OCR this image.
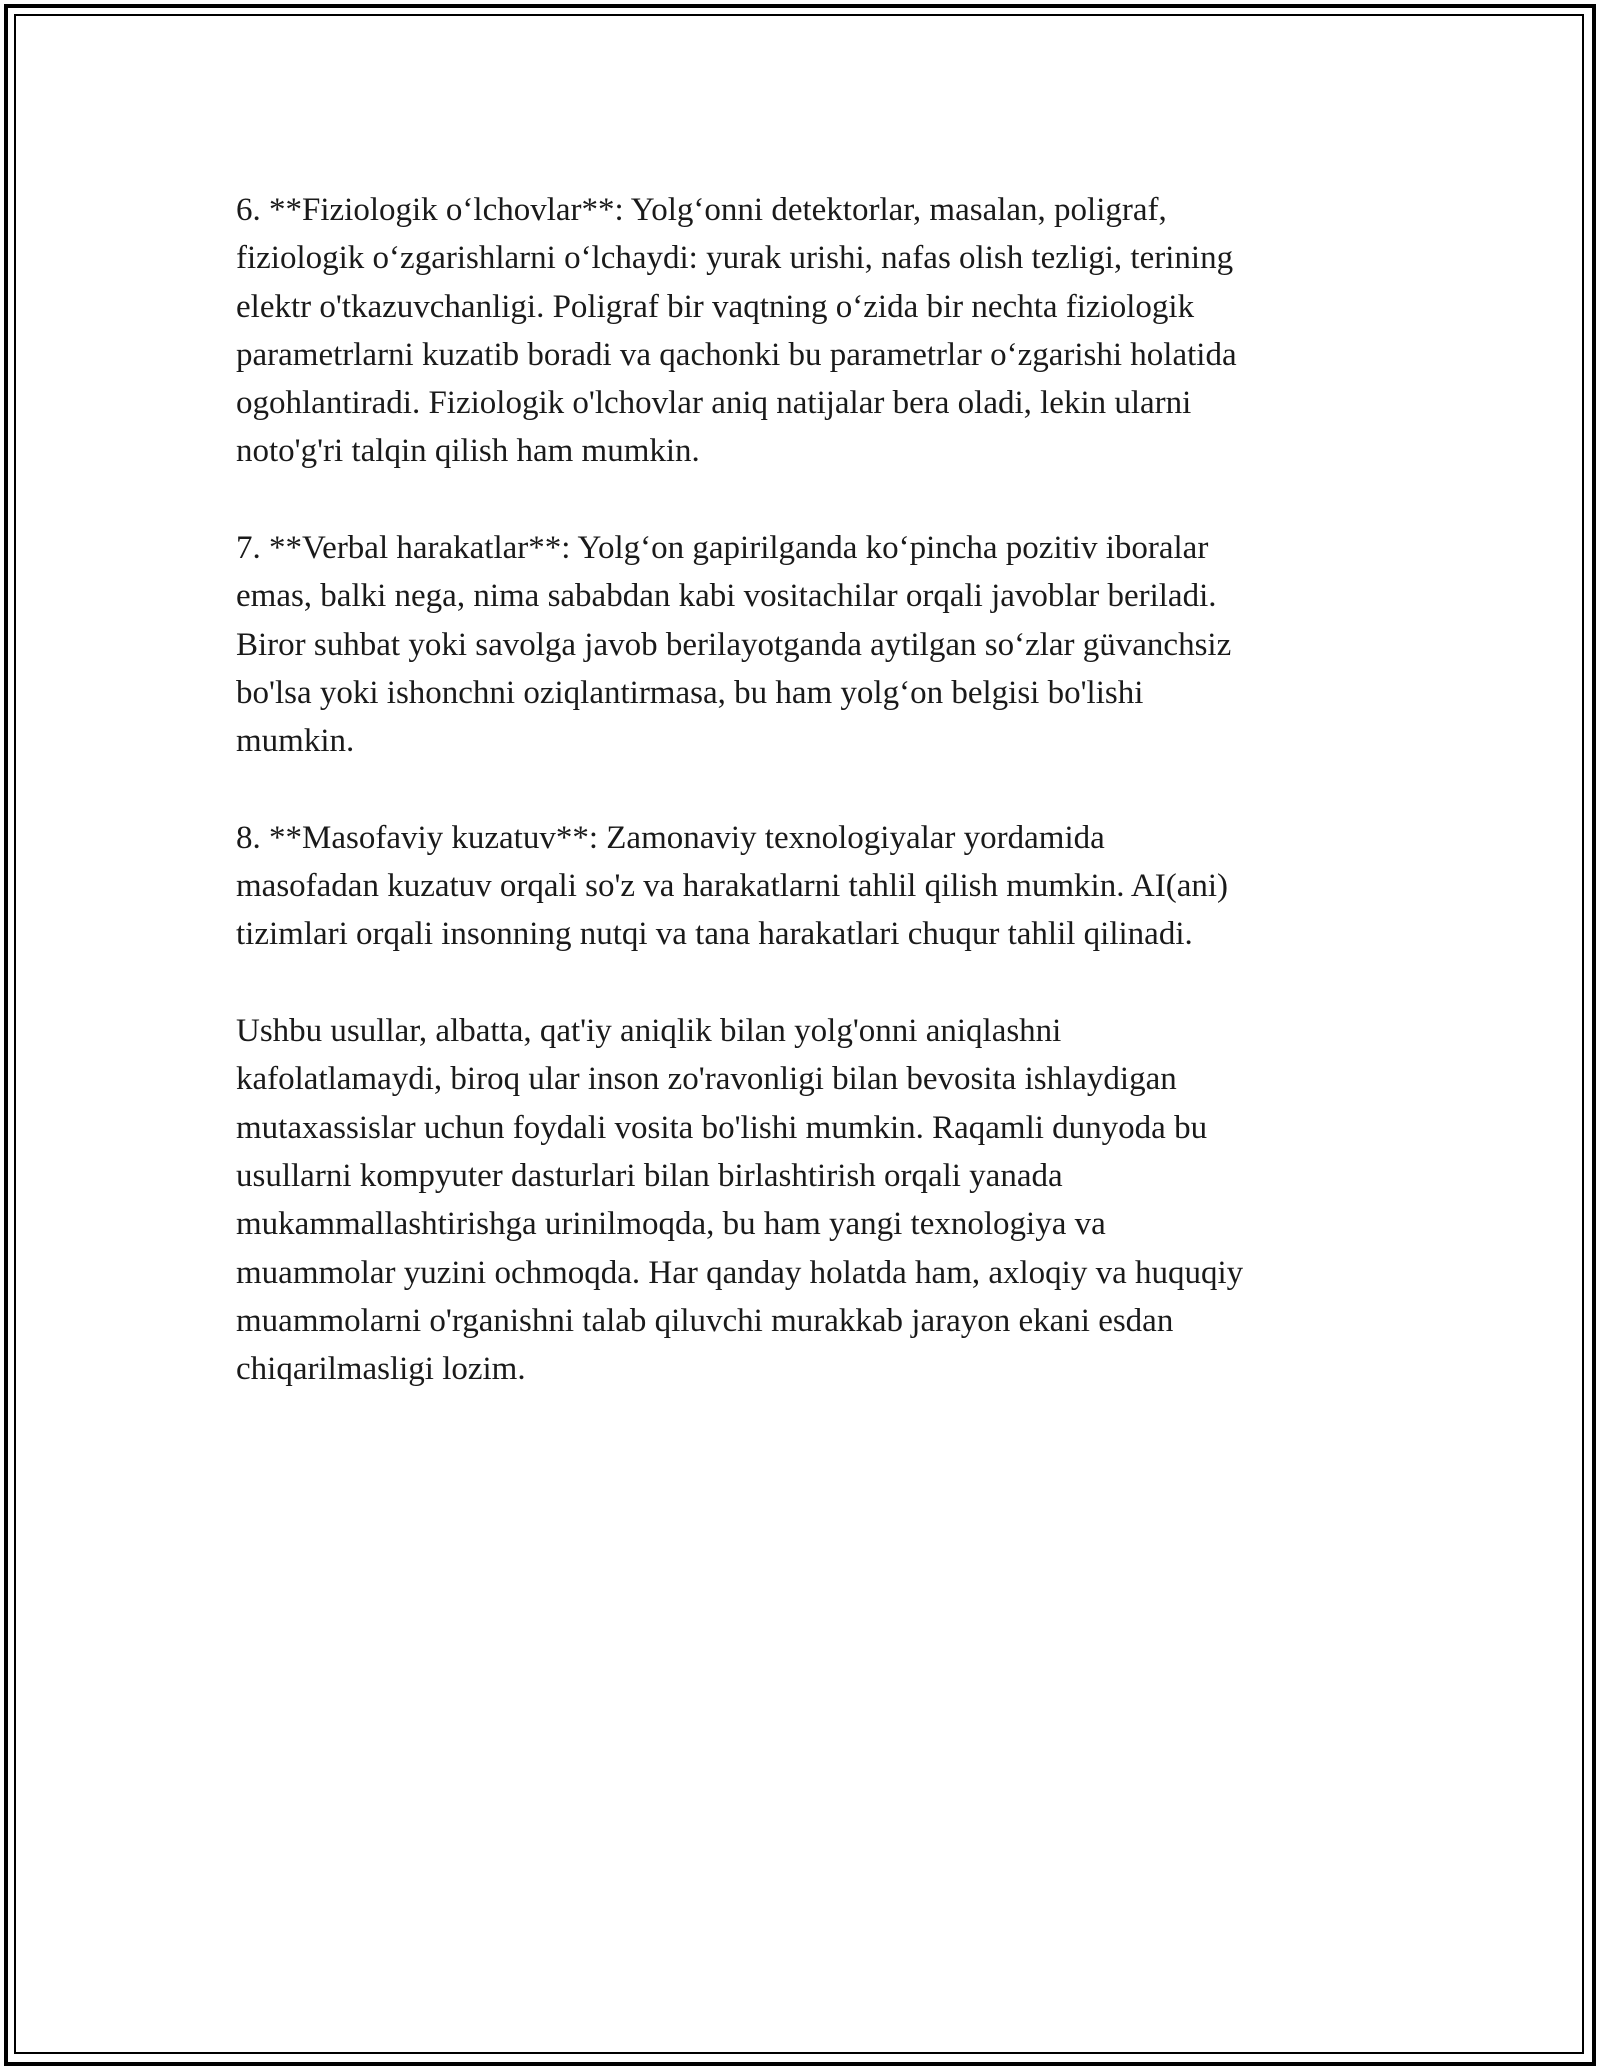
6. **Fiziologik o‘lchovlar**: Yolg‘onni detektorlar, masalan, poligraf,
fiziologik o‘zgarishlarni o‘lchaydi: yurak urishi, nafas olish tezligi, terining
elektr o'tkazuvchanligi. Poligraf bir vaqtning o‘zida bir nechta fiziologik
parametrlarni kuzatib boradi va qachonki bu parametrlar o‘zgarishi holatida
ogohlantiradi. Fiziologik o'lchovlar aniq natijalar bera oladi, lekin ularni
noto'g'ri talqin qilish ham mumkin.

7. **Verbal harakatlar**: Yolg‘on gapirilganda ko‘pincha pozitiv iboralar
emas, balki nega, nima sababdan kabi vositachilar orqali javoblar beriladi.
Biror suhbat yoki savolga javob berilayotganda aytilgan so‘zlar güvanchsiz
bo'lsa yoki ishonchni oziqlantirmasa, bu ham yolg‘on belgisi bo'lishi
mumkin.

8. **Masofaviy kuzatuv**: Zamonaviy texnologiyalar yordamida
masofadan kuzatuv orqali so'z va harakatlarni tahlil qilish mumkin. AI(ani)
tizimlari orqali insonning nutqi va tana harakatlari chuqur tahlil qilinadi.

Ushbu usullar, albatta, qat'iy aniqlik bilan yolg'onni aniqlashni
kafolatlamaydi, biroq ular inson zo'ravonligi bilan bevosita ishlaydigan
mutaxassislar uchun foydali vosita bo'lishi mumkin. Raqamli dunyoda bu
usullarni kompyuter dasturlari bilan birlashtirish orqali yanada
mukammallashtirishga urinilmoqda, bu ham yangi texnologiya va
muammolar yuzini ochmoqda. Har qanday holatda ham, axloqiy va huquqiy
muammolarni o'rganishni talab qiluvchi murakkab jarayon ekani esdan
chiqarilmasligi lozim.
